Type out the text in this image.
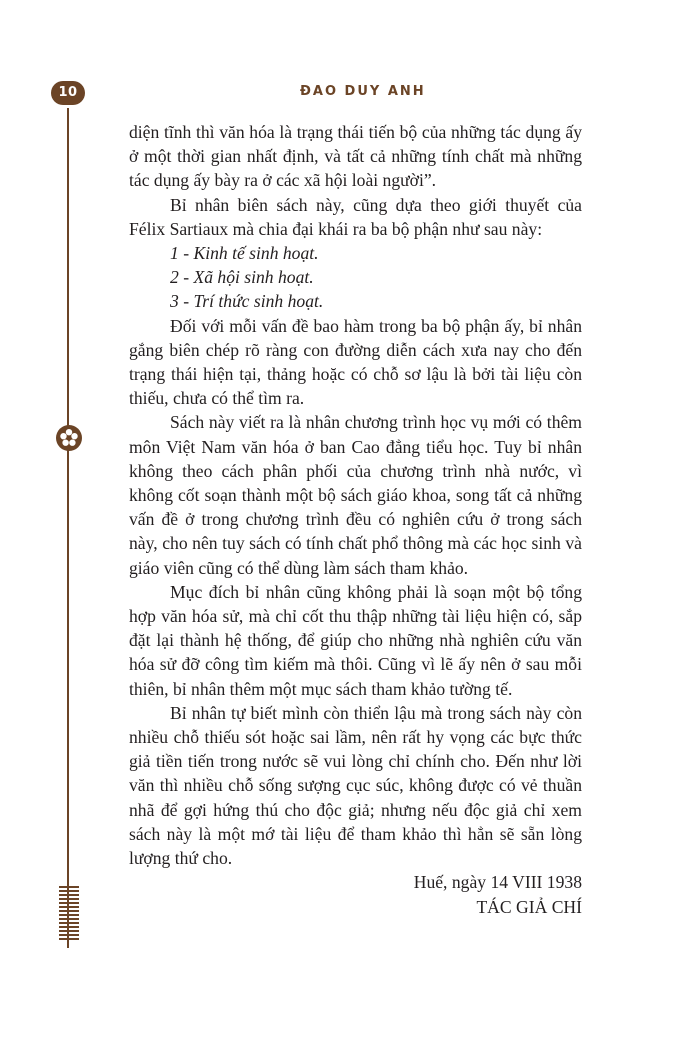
10	ĐAO DUY ANH

diện tĩnh thì văn hóa là trạng thái tiến bộ của những tác dụng ấy ở một thời gian nhất định, và tất cả những tính chất mà những tác dụng ấy bày ra ở các xã hội loài người”.

Bỉ nhân biên sách này, cũng dựa theo giới thuyết của Félix Sartiaux mà chia đại khái ra ba bộ phận như sau này:

1 - Kinh tế sinh hoạt.

2 - Xã hội sinh hoạt.

3 - Trí thức sinh hoạt.

Đối với mỗi vấn đề bao hàm trong ba bộ phận ấy, bỉ nhân gắng biên chép rõ ràng con đường diễn cách xưa nay cho đến trạng thái hiện tại, thảng hoặc có chỗ sơ lậu là bởi tài liệu còn thiếu, chưa có thể tìm ra.

Sách này viết ra là nhân chương trình học vụ mới có thêm môn Việt Nam văn hóa ở ban Cao đẳng tiểu học. Tuy bỉ nhân không theo cách phân phối của chương trình nhà nước, vì không cốt soạn thành một bộ sách giáo khoa, song tất cả những vấn đề ở trong chương trình đều có nghiên cứu ở trong sách này, cho nên tuy sách có tính chất phổ thông mà các học sinh và giáo viên cũng có thể dùng làm sách tham khảo.

Mục đích bỉ nhân cũng không phải là soạn một bộ tổng hợp văn hóa sử, mà chỉ cốt thu thập những tài liệu hiện có, sắp đặt lại thành hệ thống, để giúp cho những nhà nghiên cứu văn hóa sử đỡ công tìm kiếm mà thôi. Cũng vì lẽ ấy nên ở sau mỗi thiên, bỉ nhân thêm một mục sách tham khảo tường tế.

Bỉ nhân tự biết mình còn thiển lậu mà trong sách này còn nhiều chỗ thiếu sót hoặc sai lầm, nên rất hy vọng các bực thức giả tiền tiến trong nước sẽ vui lòng chỉ chính cho. Đến như lời văn thì nhiều chỗ sống sượng cục súc, không được có vẻ thuần nhã để gợi hứng thú cho độc giả; nhưng nếu độc giả chỉ xem sách này là một mớ tài liệu để tham khảo thì hẳn sẽ sẵn lòng lượng thứ cho.

Huế, ngày 14 VIII 1938

TÁC GIẢ CHÍ
